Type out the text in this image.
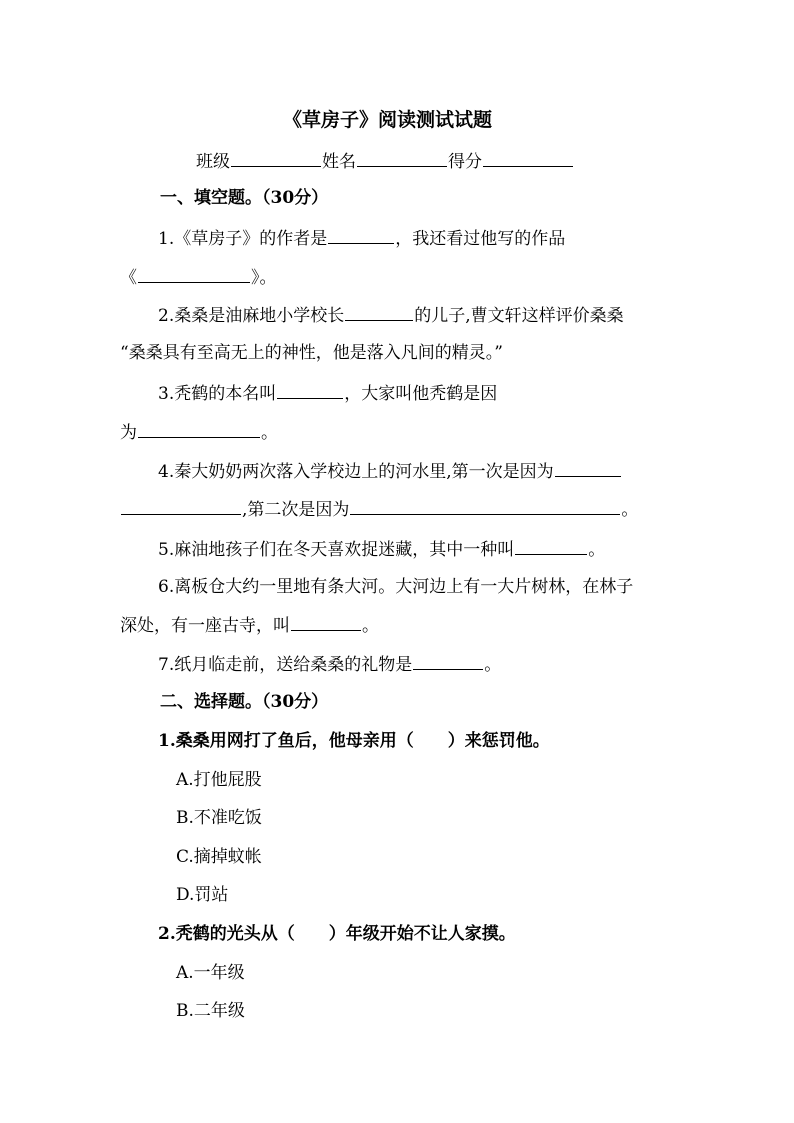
《草房子》阅读测试试题
班级	姓名	得分
一、填空题。（30分）
1.《草房子》的作者是	，我还看过他写的作品
《	》。
2.桑桑是油麻地小学校长	的儿子,曹文轩这样评价桑桑
“桑桑具有至高无上的神性，他是落入凡间的精灵。”
3.秃鹤的本名叫	，大家叫他秃鹤是因
为	。
4.秦大奶奶两次落入学校边上的河水里,第一次是因为
,第二次是因为	。
5.麻油地孩子们在冬天喜欢捉迷藏，其中一种叫	。
6.离板仓大约一里地有条大河。大河边上有一大片树林，在林子
深处，有一座古寺，叫	。
7.纸月临走前，送给桑桑的礼物是	。
二、选择题。（30分）
1.桑桑用网打了鱼后，他母亲用（　　）来惩罚他。
A.打他屁股
B.不准吃饭
C.摘掉蚊帐
D.罚站
2.秃鹤的光头从（　　）年级开始不让人家摸。
A.一年级
B.二年级
